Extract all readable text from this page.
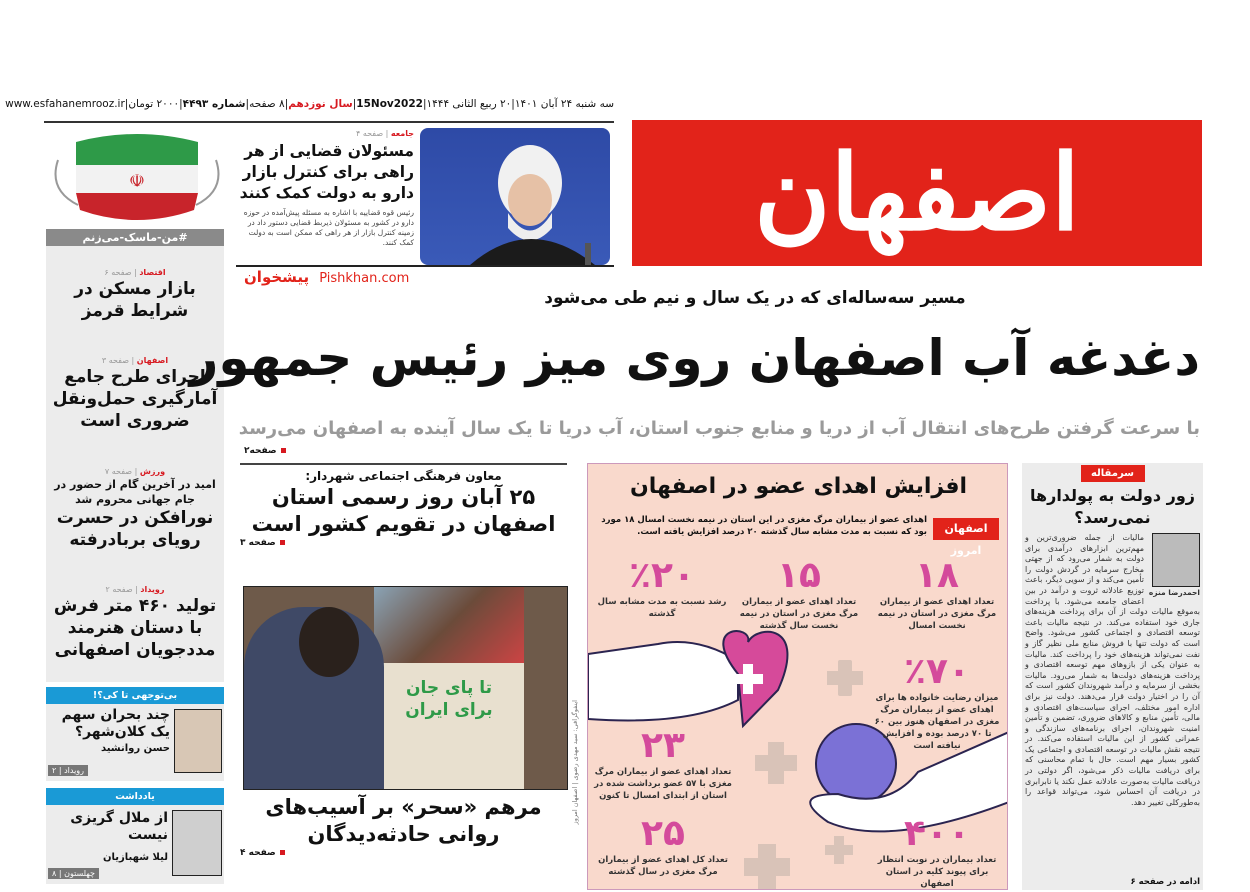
سه شنبه ۲۴ آبان ۱۴۰۱
|
۲۰ ربیع الثانی ۱۴۴۴
|
15Nov2022
|
سال نوزدهم
|
۸ صفحه
|
شماره ۴۴۹۳
|
۲۰۰۰ تومان
|
www.esfahanemrooz.ir
اصفهان
جامعه | صفحه ۴
مسئولان قضایی از هر راهی برای کنترل بازار دارو به دولت کمک کنند
رئیس قوه قضاییه با اشاره به مسئله پیش‌آمده در حوزه دارو در کشور به مسئولان ذیربط قضایی دستور داد در زمینه کنترل بازار از هر راهی که ممکن است به دولت کمک کنند.
پیشخوان Pishkhan.com
☫
#من-ماسک-می‌زنم
اقتصاد | صفحه ۶
بازار مسکن در شرایط قرمز
اصفهان | صفحه ۳
اجرای طرح جامع آمارگیری حمل‌ونقل ضروری است
ورزش | صفحه ۷
امید در آخرین گام از حضور در جام جهانی محروم شد
نورافکن در حسرت رویای بربادرفته
رویداد | صفحه ۲
تولید ۴۶۰ متر فرش با دستان هنرمند مددجویان اصفهانی
بی‌توجهی تا کی؟!
چند بحران سهم یک کلان‌شهر؟
حسن روانشید
رویداد | ۲
یادداشت
از ملال گریزی نیست
لیلا شهبازیان
چهلستون | ۸
مسیر سه‌ساله‌ای که در یک سال و نیم طی می‌شود
دغدغه آب اصفهان روی میز رئیس جمهور
با سرعت گرفتن طرح‌های انتقال آب از دریا و منابع جنوب استان، آب دریا تا یک سال آینده به اصفهان می‌رسد
صفحه۲
معاون فرهنگی اجتماعی شهردار:
۲۵ آبان روز رسمی استان اصفهان در تقویم کشور است
صفحه ۳
تا پای جان برای ایران
مرهم «سحر» بر آسیب‌های روانی حادثه‌دیدگان
صفحه ۴
اینفوگرافی: سید مهدی رضوی | اصفهان امروز
افزایش اهدای عضو در اصفهان
اصفهان امروز
اهدای عضو از بیماران مرگ مغزی در این استان در نیمه نخست امسال ۱۸ مورد بود که نسبت به مدت مشابه سال گذشته ۲۰ درصد افزایش یافته است.
۱۸
تعداد اهدای عضو از بیماران مرگ مغزی در استان در نیمه نخست امسال
۱۵
تعداد اهدای عضو از بیماران مرگ مغزی در استان در نیمه نخست سال گذشته
٪۲۰
رشد نسبت به مدت مشابه سال گذشته
٪۷۰
میزان رضایت خانواده ها برای اهدای عضو از بیماران مرگ مغزی در اصفهان هنوز بین ۶۰ تا ۷۰ درصد بوده و افزایش نیافته است
۲۳
تعداد اهدای عضو از بیماران مرگ مغزی با ۵۷ عضو برداشت شده در استان از ابتدای امسال تا کنون
۲۵
تعداد کل اهدای عضو از بیماران مرگ مغزی در سال گذشته
۴۰۰
تعداد بیماران در نوبت انتظار برای پیوند کلیه در استان اصفهان
سرمقاله
زور دولت به پولدارها نمی‌رسد؟
احمدرضا منزه
مالیات از جمله ضروری‌ترین و مهم‌ترین ابزارهای درآمدی برای دولت به شمار می‌رود که از جهتی مخارج سرمایه در گردش دولت را تأمین می‌کند و از سویی دیگر، باعث توزیع عادلانه ثروت و درآمد در بین اعضای جامعه می‌شود. با پرداخت به‌موقع مالیات دولت از آن برای پرداخت هزینه‌های جاری خود استفاده می‌کند. در نتیجه مالیات باعث توسعه اقتصادی و اجتماعی کشور می‌شود. واضح است که دولت تنها با فروش منابع ملی نظیر گاز و نفت نمی‌تواند هزینه‌های خود را پرداخت کند. مالیات به عنوان یکی از بازوهای مهم توسعه اقتصادی و پرداخت هزینه‌های دولت‌ها به شمار می‌رود. مالیات بخشی از سرمایه و درآمد شهروندان کشور است که آن را در اختیار دولت قرار می‌دهند. دولت نیز برای اداره امور مختلف، اجرای سیاست‌های اقتصادی و مالی، تأمین منابع و کالاهای ضروری، تضمین و تأمین امنیت شهروندان، اجرای برنامه‌های سازندگی و عمرانی کشور از این مالیات استفاده می‌کند. در نتیجه نقش مالیات در توسعه اقتصادی و اجتماعی یک کشور بسیار مهم است. حال با تمام محاسنی که برای دریافت مالیات ذکر می‌شود، اگر دولتی در دریافت مالیات به‌صورت عادلانه عمل نکند یا نابرابری در دریافت آن احساس شود، می‌تواند قواعد را به‌طورکلی تغییر دهد.
ادامه در صفحه ۶
